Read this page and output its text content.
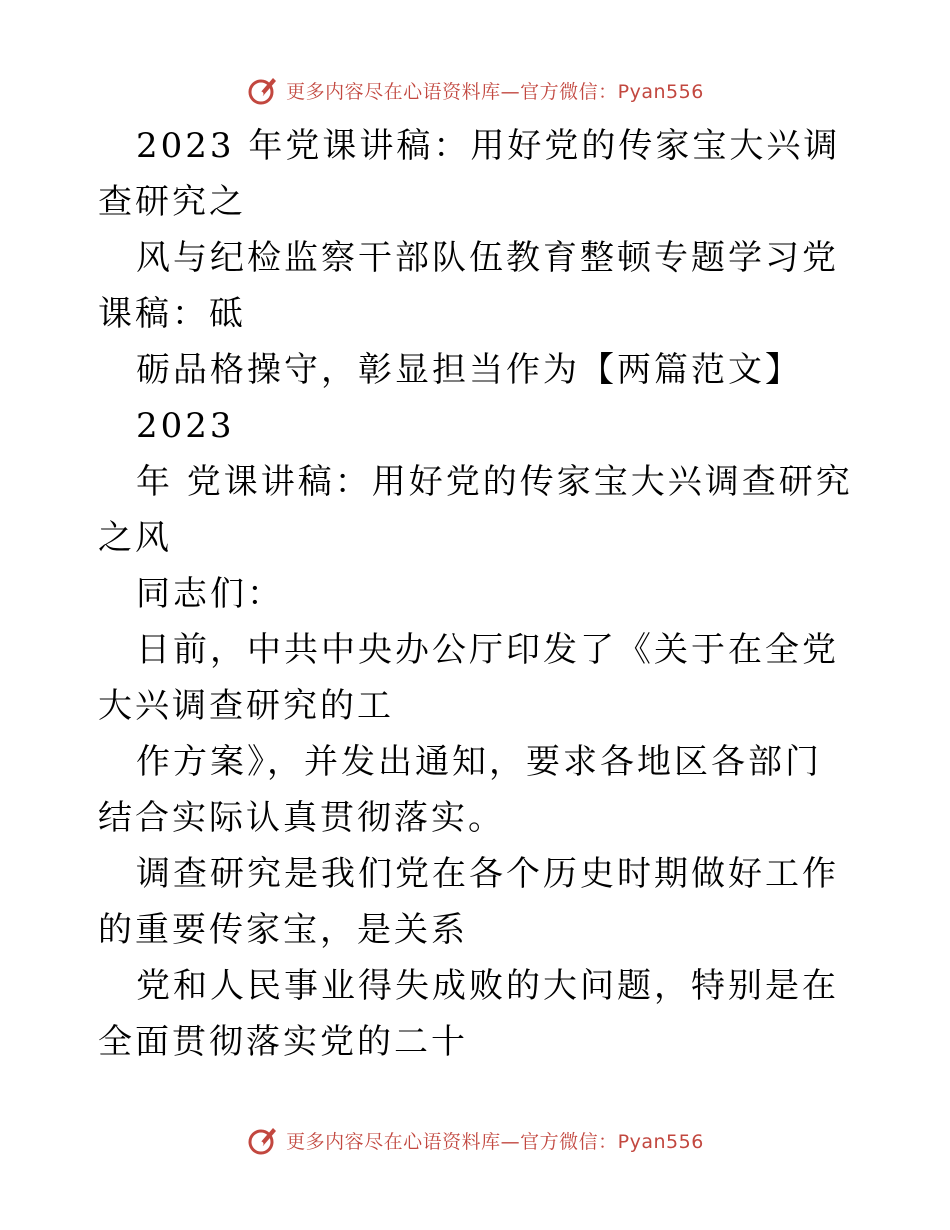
更多内容尽在心语资料库—官方微信：Pyan556

2023 年党课讲稿：用好党的传家宝大兴调查研究之

风与纪检监察干部队伍教育整顿专题学习党课稿：砥

砺品格操守，彰显担当作为【两篇范文】

2023

年 党课讲稿：用好党的传家宝大兴调查研究之风

同志们：

日前，中共中央办公厅印发了《关于在全党大兴调查研究的工

作方案》，并发出通知，要求各地区各部门结合实际认真贯彻落实。

调查研究是我们党在各个历史时期做好工作的重要传家宝，是关系

党和人民事业得失成败的大问题，特别是在全面贯彻落实党的二十

更多内容尽在心语资料库—官方微信：Pyan556
